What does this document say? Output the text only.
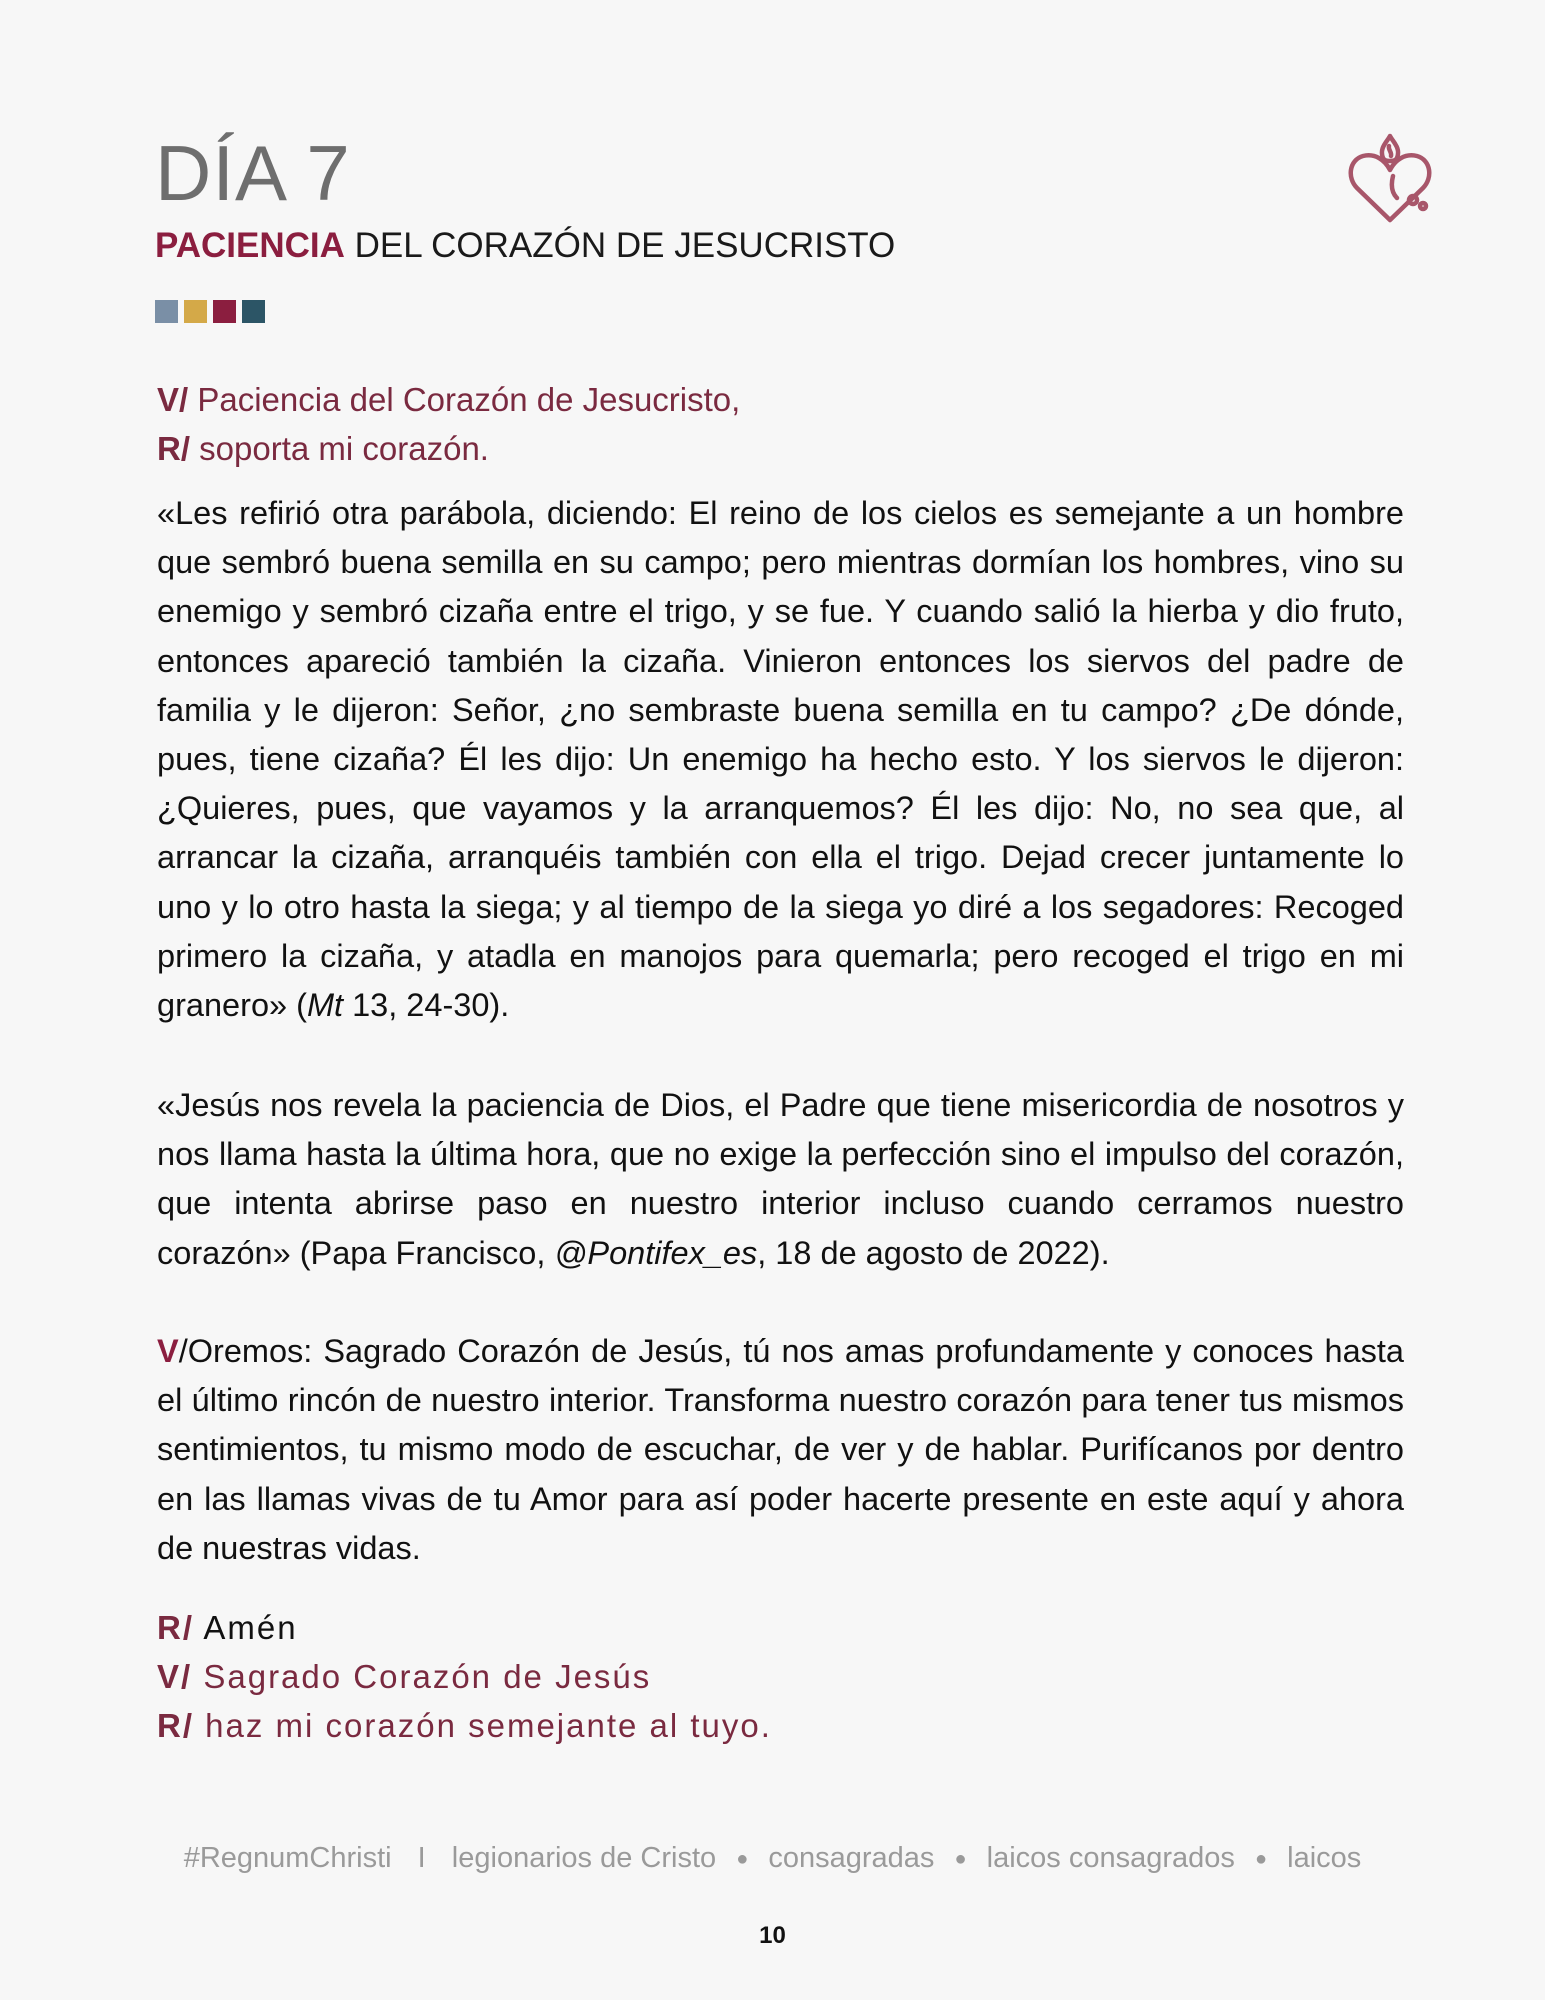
DÍA 7
PACIENCIA DEL CORAZÓN DE JESUCRISTO

V/ Paciencia del Corazón de Jesucristo,

R/ soporta mi corazón.

«Les refirió otra parábola, diciendo: El reino de los cielos es semejante a un hombre que sembró buena semilla en su campo; pero mientras dormían los hombres, vino su enemigo y sembró cizaña entre el trigo, y se fue. Y cuando salió la hierba y dio fruto, entonces apareció también la cizaña. Vinieron entonces los siervos del padre de familia y le dijeron: Señor, ¿no sembraste buena semilla en tu campo? ¿De dónde, pues, tiene cizaña? Él les dijo: Un enemigo ha hecho esto. Y los siervos le dijeron: ¿Quieres, pues, que vayamos y la arranquemos? Él les dijo: No, no sea que, al arrancar la cizaña, arranquéis también con ella el trigo. Dejad crecer juntamente lo uno y lo otro hasta la siega; y al tiempo de la siega yo diré a los segadores: Recoged primero la cizaña, y atadla en manojos para quemarla; pero recoged el trigo en mi granero» (Mt 13, 24-30).

«Jesús nos revela la paciencia de Dios, el Padre que tiene misericordia de nosotros y nos llama hasta la última hora, que no exige la perfección sino el impulso del corazón, que intenta abrirse paso en nuestro interior incluso cuando cerramos nuestro corazón» (Papa Francisco, @Pontifex_es, 18 de agosto de 2022).

V/Oremos: Sagrado Corazón de Jesús, tú nos amas profundamente y conoces hasta el último rincón de nuestro interior. Transforma nuestro corazón para tener tus mismos sentimientos, tu mismo modo de escuchar, de ver y de hablar. Purifícanos por dentro en las llamas vivas de tu Amor para así poder hacerte presente en este aquí y ahora de nuestras vidas.

R/ Amén

V/ Sagrado Corazón de Jesús

R/ haz mi corazón semejante al tuyo.

#RegnumChristi I legionarios de Cristo ● consagradas ● laicos consagrados ● laicos
10
